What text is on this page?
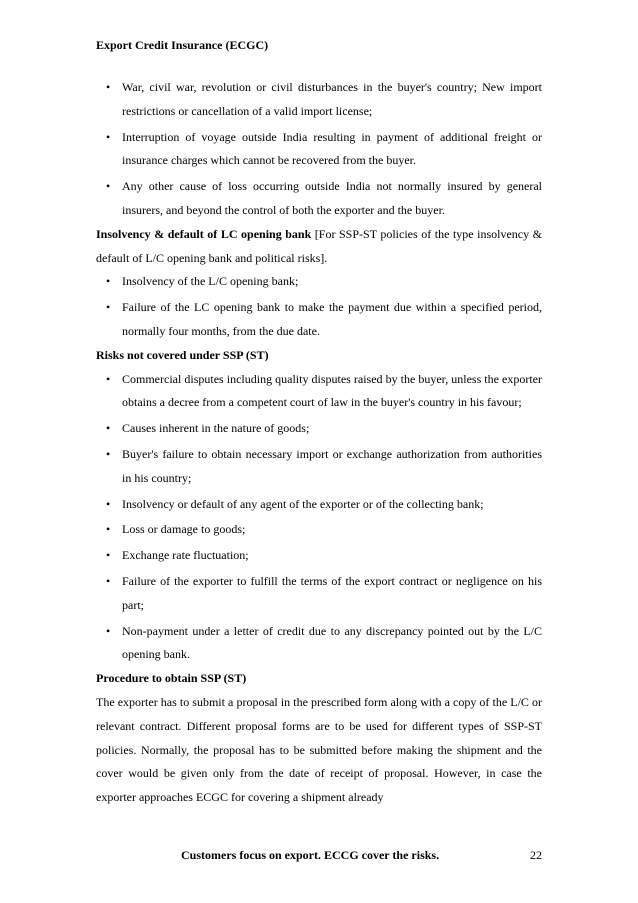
Export Credit Insurance (ECGC)
• War, civil war, revolution or civil disturbances in the buyer's country; New import restrictions or cancellation of a valid import license;
• Interruption of voyage outside India resulting in payment of additional freight or insurance charges which cannot be recovered from the buyer.
• Any other cause of loss occurring outside India not normally insured by general insurers, and beyond the control of both the exporter and the buyer.
Insolvency & default of LC opening bank [For SSP-ST policies of the type insolvency & default of L/C opening bank and political risks].
• Insolvency of the L/C opening bank;
• Failure of the LC opening bank to make the payment due within a specified period, normally four months, from the due date.
Risks not covered under SSP (ST)
• Commercial disputes including quality disputes raised by the buyer, unless the exporter obtains a decree from a competent court of law in the buyer's country in his favour;
• Causes inherent in the nature of goods;
• Buyer's failure to obtain necessary import or exchange authorization from authorities in his country;
• Insolvency or default of any agent of the exporter or of the collecting bank;
• Loss or damage to goods;
• Exchange rate fluctuation;
• Failure of the exporter to fulfill the terms of the export contract or negligence on his part;
• Non-payment under a letter of credit due to any discrepancy pointed out by the L/C opening bank.
Procedure to obtain SSP (ST)
The exporter has to submit a proposal in the prescribed form along with a copy of the L/C or relevant contract. Different proposal forms are to be used for different types of SSP-ST policies. Normally, the proposal has to be submitted before making the shipment and the cover would be given only from the date of receipt of proposal. However, in case the exporter approaches ECGC for covering a shipment already
Customers focus on export. ECCG cover the risks.	22
